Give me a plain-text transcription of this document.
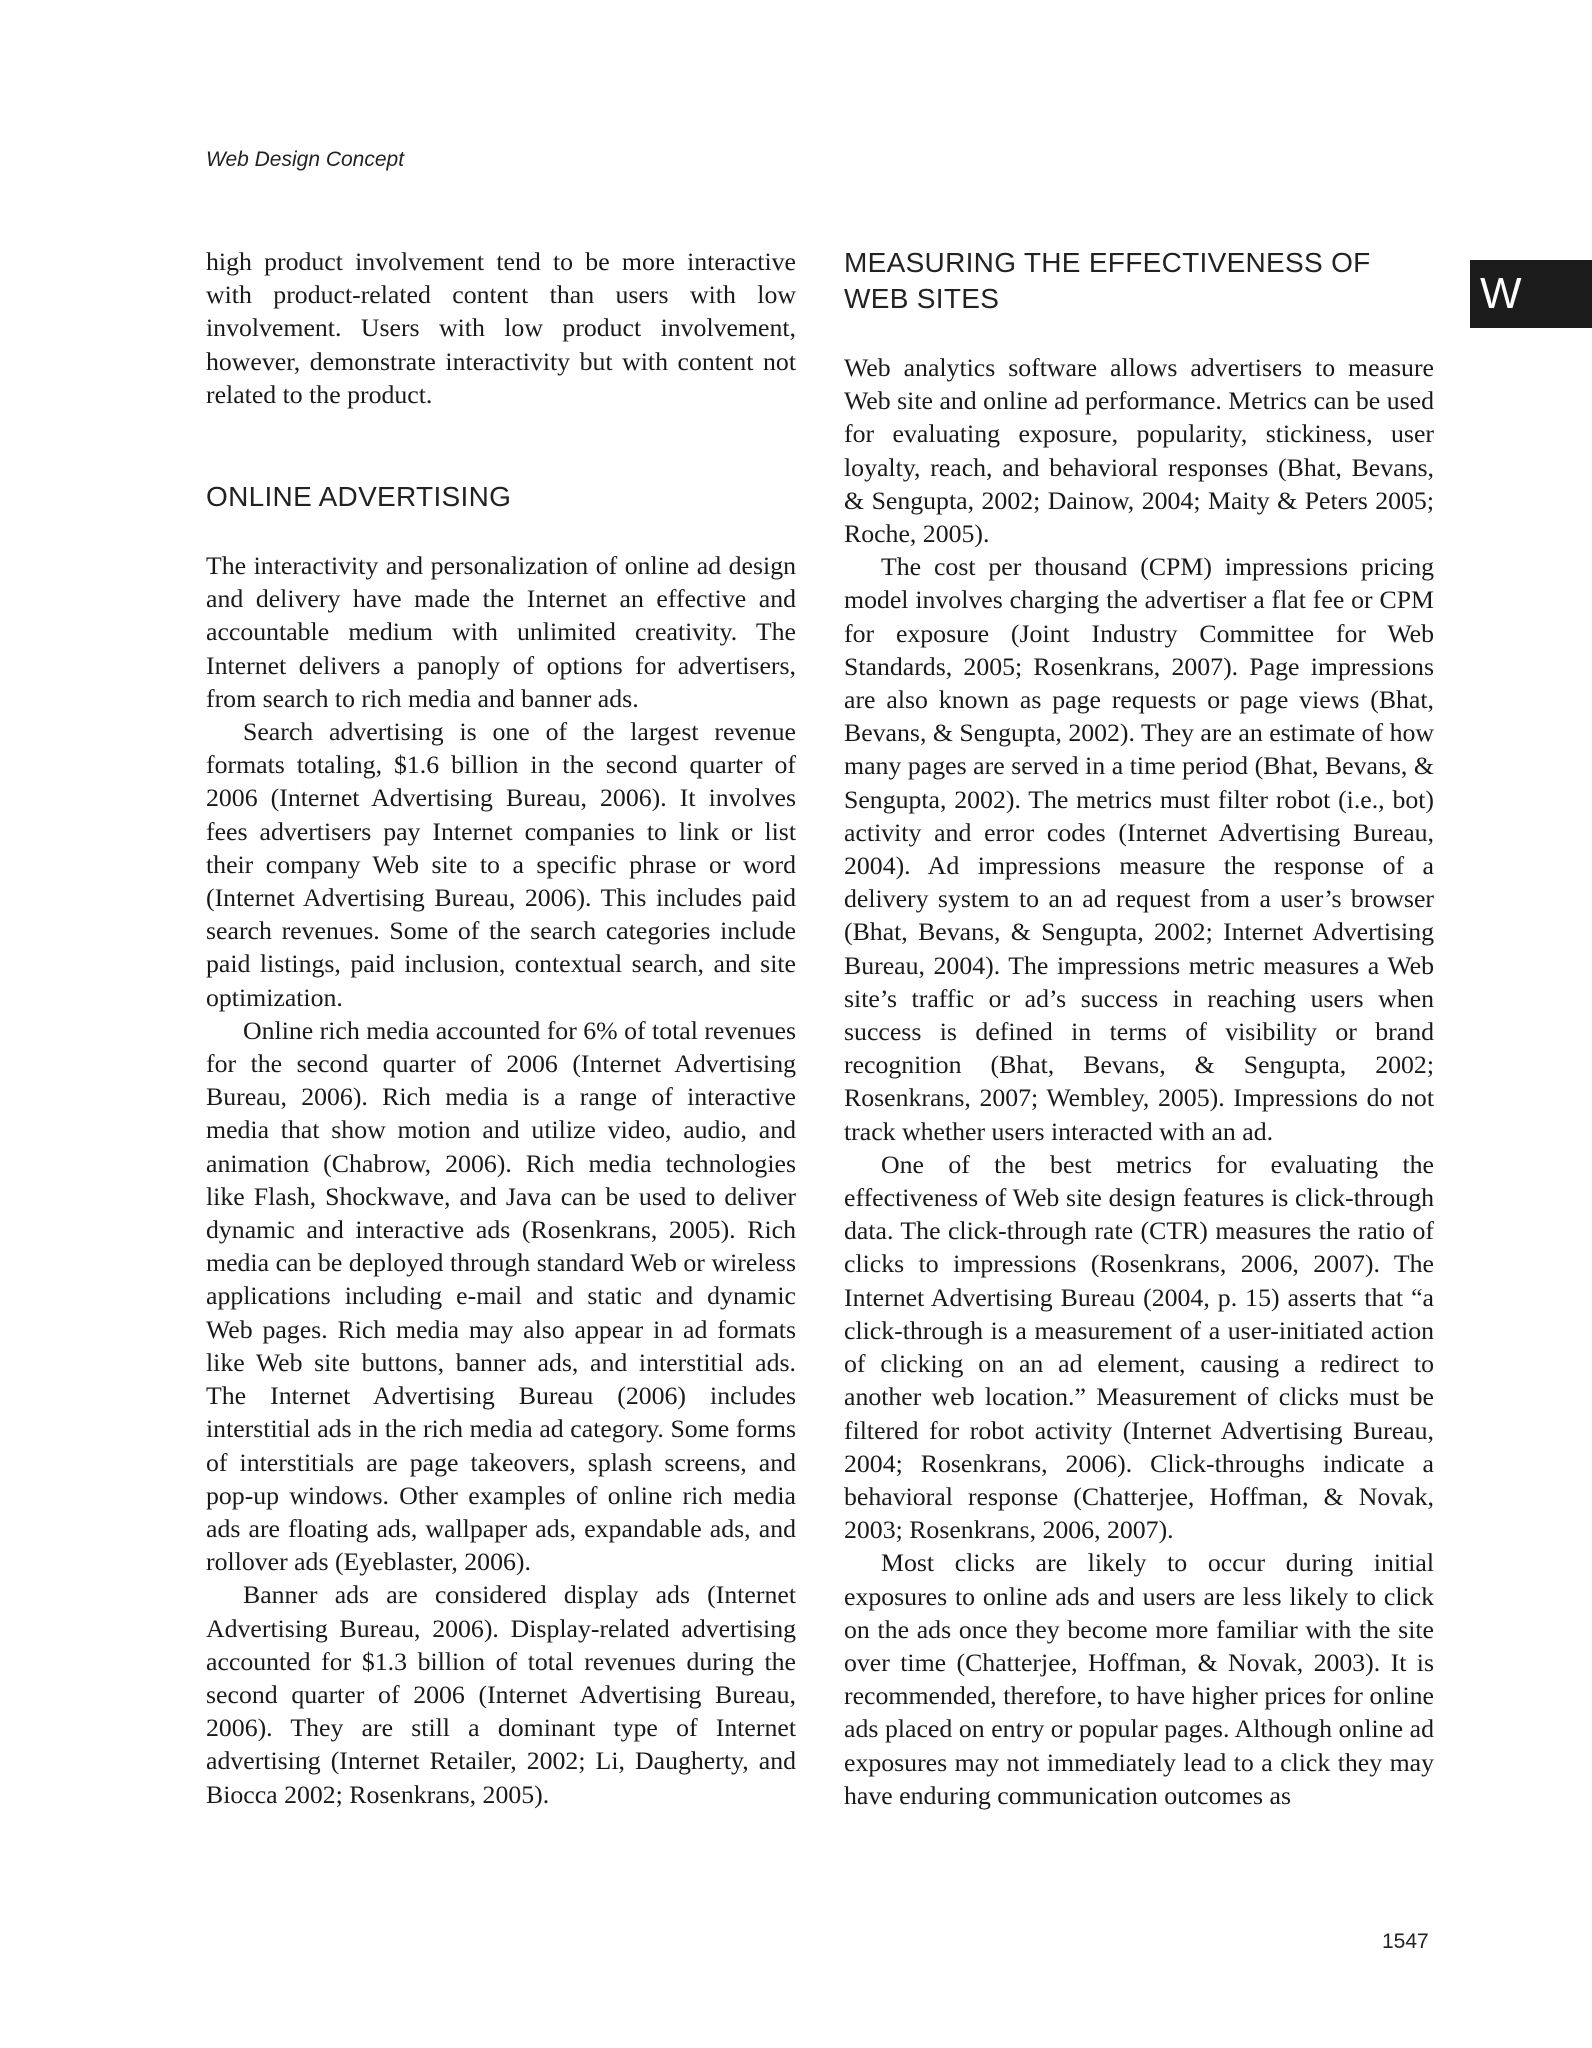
Web Design Concept
W

high product involvement tend to be more interactive with product-related content than users with low involvement. Users with low product involvement, however, demonstrate interactivity but with content not related to the product.

ONLINE ADVERTISING

The interactivity and personalization of online ad design and delivery have made the Internet an effective and accountable medium with unlimited creativity. The Internet delivers a panoply of options for advertisers, from search to rich media and banner ads.

Search advertising is one of the largest revenue formats totaling, $1.6 billion in the second quarter of 2006 (Internet Advertising Bureau, 2006). It involves fees advertisers pay Internet companies to link or list their company Web site to a specific phrase or word (Internet Advertising Bureau, 2006). This includes paid search revenues. Some of the search categories include paid listings, paid inclusion, contextual search, and site optimization.

Online rich media accounted for 6% of total revenues for the second quarter of 2006 (Internet Advertising Bureau, 2006). Rich media is a range of interactive media that show motion and utilize video, audio, and animation (Chabrow, 2006). Rich media technologies like Flash, Shockwave, and Java can be used to deliver dynamic and interactive ads (Rosenkrans, 2005). Rich media can be deployed through standard Web or wireless applications including e-mail and static and dynamic Web pages. Rich media may also appear in ad formats like Web site buttons, banner ads, and interstitial ads. The Internet Advertising Bureau (2006) includes interstitial ads in the rich media ad category. Some forms of interstitials are page takeovers, splash screens, and pop-up windows. Other examples of online rich media ads are floating ads, wallpaper ads, expandable ads, and rollover ads (Eyeblaster, 2006).

Banner ads are considered display ads (Internet Advertising Bureau, 2006). Display-related advertising accounted for $1.3 billion of total revenues during the second quarter of 2006 (Internet Advertising Bureau, 2006). They are still a dominant type of Internet advertising (Internet Retailer, 2002; Li, Daugherty, and Biocca 2002; Rosenkrans, 2005).

MEASURING THE EFFECTIVENESS OF WEB SITES

Web analytics software allows advertisers to measure Web site and online ad performance. Metrics can be used for evaluating exposure, popularity, stickiness, user loyalty, reach, and behavioral responses (Bhat, Bevans, & Sengupta, 2002; Dainow, 2004; Maity & Peters 2005; Roche, 2005).

The cost per thousand (CPM) impressions pricing model involves charging the advertiser a flat fee or CPM for exposure (Joint Industry Committee for Web Standards, 2005; Rosenkrans, 2007). Page impressions are also known as page requests or page views (Bhat, Bevans, & Sengupta, 2002). They are an estimate of how many pages are served in a time period (Bhat, Bevans, & Sengupta, 2002). The metrics must filter robot (i.e., bot) activity and error codes (Internet Advertising Bureau, 2004). Ad impressions measure the response of a delivery system to an ad request from a user’s browser (Bhat, Bevans, & Sengupta, 2002; Internet Advertising Bureau, 2004). The impressions metric measures a Web site’s traffic or ad’s success in reaching users when success is defined in terms of visibility or brand recognition (Bhat, Bevans, & Sengupta, 2002; Rosenkrans, 2007; Wembley, 2005). Impressions do not track whether users interacted with an ad.

One of the best metrics for evaluating the effectiveness of Web site design features is click-through data. The click-through rate (CTR) measures the ratio of clicks to impressions (Rosenkrans, 2006, 2007). The Internet Advertising Bureau (2004, p. 15) asserts that “a click-through is a measurement of a user-initiated action of clicking on an ad element, causing a redirect to another web location.” Measurement of clicks must be filtered for robot activity (Internet Advertising Bureau, 2004; Rosenkrans, 2006). Click-throughs indicate a behavioral response (Chatterjee, Hoffman, & Novak, 2003; Rosenkrans, 2006, 2007).

Most clicks are likely to occur during initial exposures to online ads and users are less likely to click on the ads once they become more familiar with the site over time (Chatterjee, Hoffman, & Novak, 2003). It is recommended, therefore, to have higher prices for online ads placed on entry or popular pages. Although online ad exposures may not immediately lead to a click they may have enduring communication outcomes as

1547
